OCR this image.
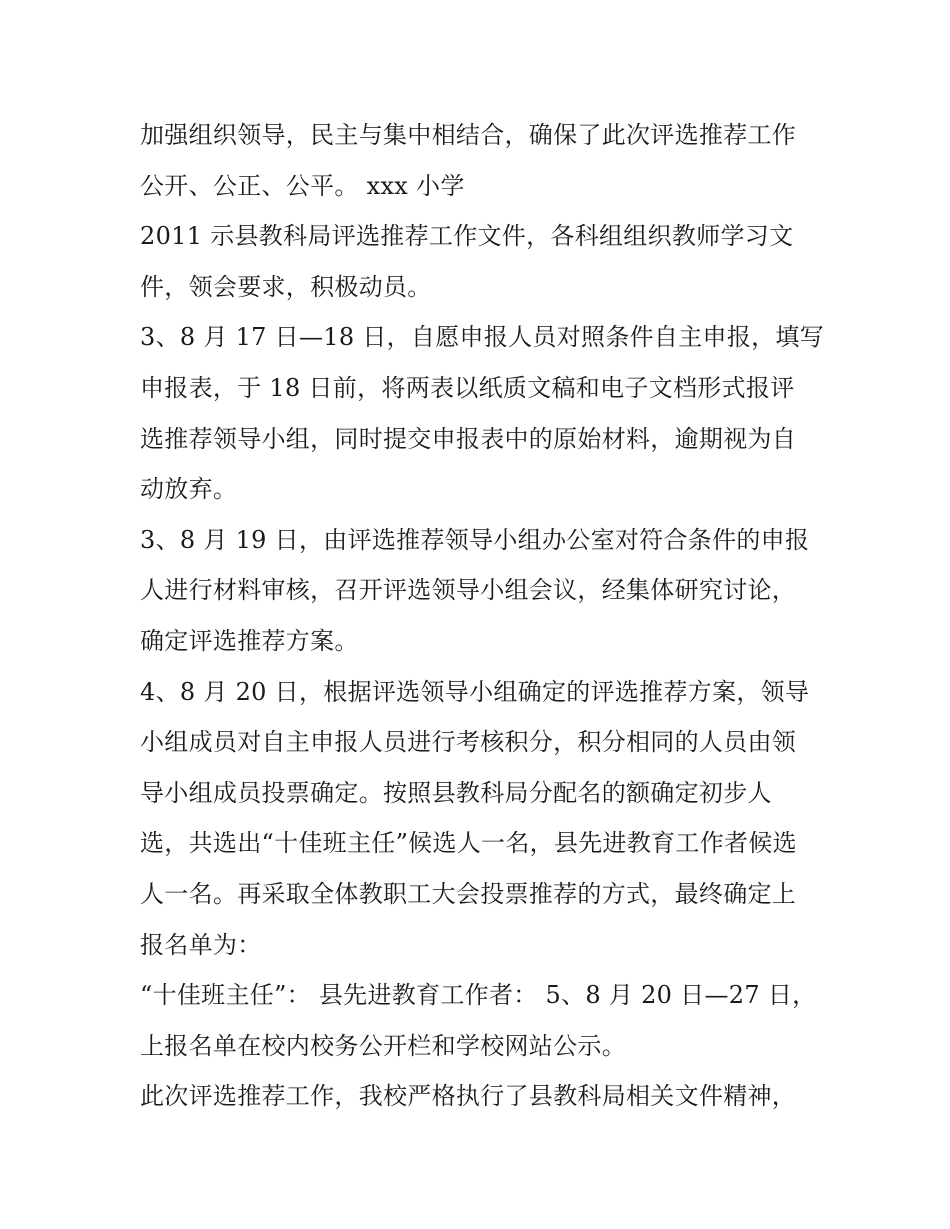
加强组织领导，民主与集中相结合，确保了此次评选推荐工作
公开、公正、公平。 xxx 小学
2011 示县教科局评选推荐工作文件，各科组组织教师学习文
件，领会要求，积极动员。
3、8 月 17 日—18 日，自愿申报人员对照条件自主申报，填写
申报表，于 18 日前，将两表以纸质文稿和电子文档形式报评
选推荐领导小组，同时提交申报表中的原始材料，逾期视为自
动放弃。
3、8 月 19 日，由评选推荐领导小组办公室对符合条件的申报
人进行材料审核，召开评选领导小组会议，经集体研究讨论，
确定评选推荐方案。
4、8 月 20 日，根据评选领导小组确定的评选推荐方案，领导
小组成员对自主申报人员进行考核积分，积分相同的人员由领
导小组成员投票确定。按照县教科局分配名的额确定初步人
选，共选出“十佳班主任”候选人一名，县先进教育工作者候选
人一名。再采取全体教职工大会投票推荐的方式，最终确定上
报名单为：
“十佳班主任”： 县先进教育工作者： 5、8 月 20 日—27 日，
上报名单在校内校务公开栏和学校网站公示。
此次评选推荐工作，我校严格执行了县教科局相关文件精神，
